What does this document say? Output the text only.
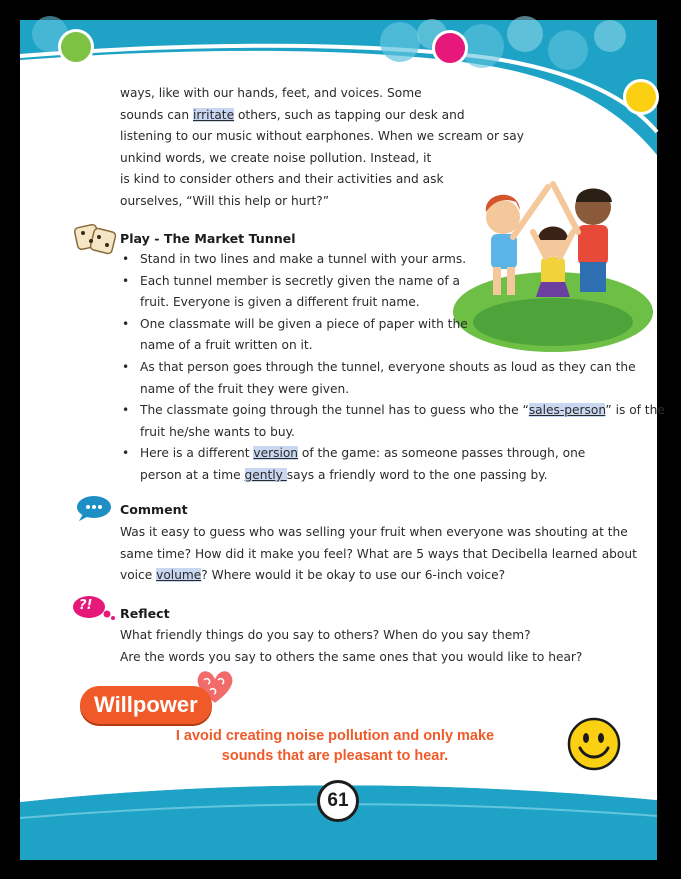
Environment
ways, like with our hands, feet, and voices. Some
sounds can irritate others, such as tapping our desk and
listening to our music without earphones. When we scream or say
unkind words, we create noise pollution. Instead, it
is kind to consider others and their activities and ask
ourselves, “Will this help or hurt?”
Play - The Market Tunnel
• Stand in two lines and make a tunnel with your arms.
• Each tunnel member is secretly given the name of a
fruit. Everyone is given a different fruit name.
• One classmate will be given a piece of paper with the
name of a fruit written on it.
• As that person goes through the tunnel, everyone shouts as loud as they can the
name of the fruit they were given.
• The classmate going through the tunnel has to guess who the “sales-person” is of the
fruit he/she wants to buy.
• Here is a different version of the game: as someone passes through, one
person at a time gently says a friendly word to the one passing by.
Comment
Was it easy to guess who was selling your fruit when everyone was shouting at the
same time? How did it make you feel? What are 5 ways that Decibella learned about
voice volume? Where would it be okay to use our 6-inch voice?
?!
Reflect
What friendly things do you say to others? When do you say them?
Are the words you say to others the same ones that you would like to hear?
Willpower
I avoid creating noise pollution and only make
sounds that are pleasant to hear.
61
